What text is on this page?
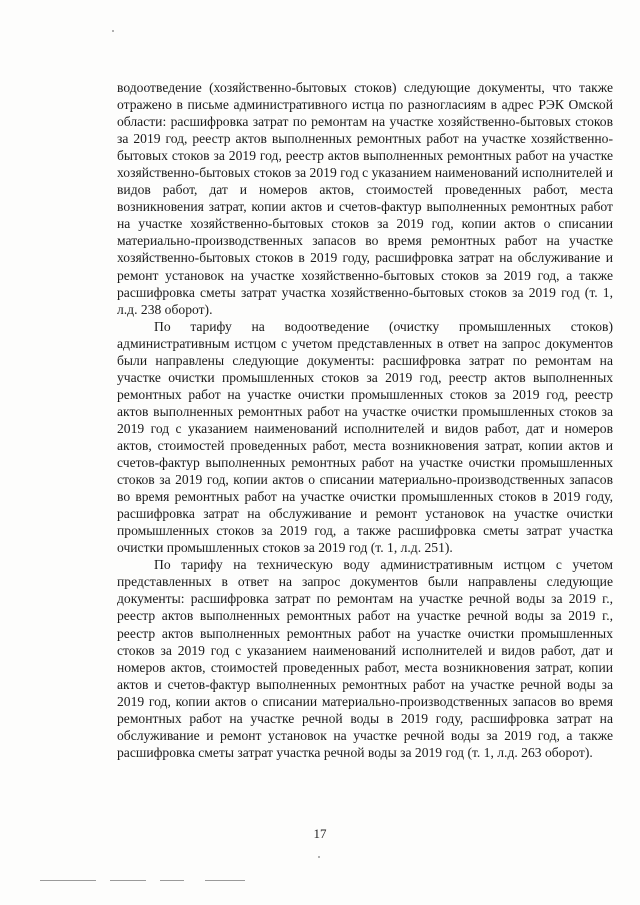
водоотведение (хозяйственно-бытовых стоков) следующие документы, что также отражено в письме административного истца по разногласиям в адрес РЭК Омской области: расшифровка затрат по ремонтам на участке хозяйственно-бытовых стоков за 2019 год, реестр актов выполненных ремонтных работ на участке хозяйственно-бытовых стоков за 2019 год, реестр актов выполненных ремонтных работ на участке хозяйственно-бытовых стоков за 2019 год с указанием наименований исполнителей и видов работ, дат и номеров актов, стоимостей проведенных работ, места возникновения затрат, копии актов и счетов-фактур выполненных ремонтных работ на участке хозяйственно-бытовых стоков за 2019 год, копии актов о списании материально-производственных запасов во время ремонтных работ на участке хозяйственно-бытовых стоков в 2019 году, расшифровка затрат на обслуживание и ремонт установок на участке хозяйственно-бытовых стоков за 2019 год, а также расшифровка сметы затрат участка хозяйственно-бытовых стоков за 2019 год (т. 1, л.д. 238 оборот).

По тарифу на водоотведение (очистку промышленных стоков) административным истцом с учетом представленных в ответ на запрос документов были направлены следующие документы: расшифровка затрат по ремонтам на участке очистки промышленных стоков за 2019 год, реестр актов выполненных ремонтных работ на участке очистки промышленных стоков за 2019 год, реестр актов выполненных ремонтных работ на участке очистки промышленных стоков за 2019 год с указанием наименований исполнителей и видов работ, дат и номеров актов, стоимостей проведенных работ, места возникновения затрат, копии актов и счетов-фактур выполненных ремонтных работ на участке очистки промышленных стоков за 2019 год, копии актов о списании материально-производственных запасов во время ремонтных работ на участке очистки промышленных стоков в 2019 году, расшифровка затрат на обслуживание и ремонт установок на участке очистки промышленных стоков за 2019 год, а также расшифровка сметы затрат участка очистки промышленных стоков за 2019 год (т. 1, л.д. 251).

По тарифу на техническую воду административным истцом с учетом представленных в ответ на запрос документов были направлены следующие документы: расшифровка затрат по ремонтам на участке речной воды за 2019 г., реестр актов выполненных ремонтных работ на участке речной воды за 2019 г., реестр актов выполненных ремонтных работ на участке очистки промышленных стоков за 2019 год с указанием наименований исполнителей и видов работ, дат и номеров актов, стоимостей проведенных работ, места возникновения затрат, копии актов и счетов-фактур выполненных ремонтных работ на участке речной воды за 2019 год, копии актов о списании материально-производственных запасов во время ремонтных работ на участке речной воды в 2019 году, расшифровка затрат на обслуживание и ремонт установок на участке речной воды за 2019 год, а также расшифровка сметы затрат участка речной воды за 2019 год (т. 1, л.д. 263 оборот).

17
